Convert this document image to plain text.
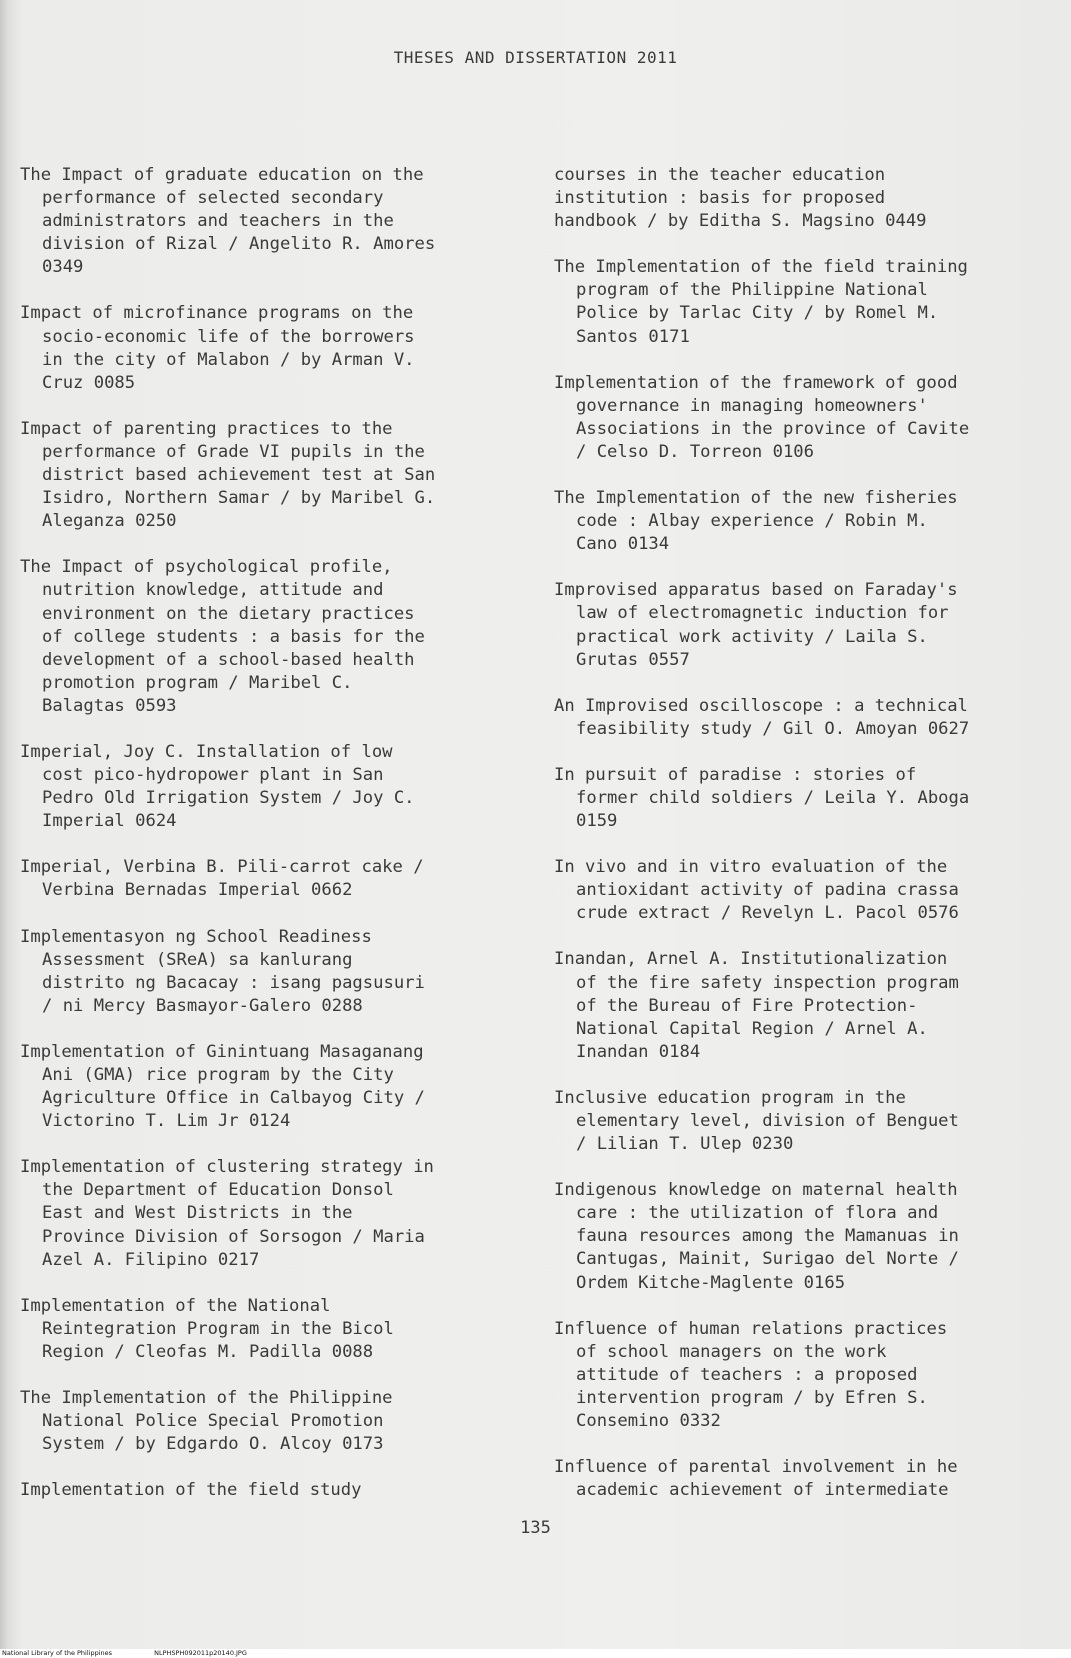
THESES AND DISSERTATION 2011

The Impact of graduate education on the
performance of selected secondary
administrators and teachers in the
division of Rizal / Angelito R. Amores
0349

Impact of microfinance programs on the
socio-economic life of the borrowers
in the city of Malabon / by Arman V.
Cruz 0085

Impact of parenting practices to the
performance of Grade VI pupils in the
district based achievement test at San
Isidro, Northern Samar / by Maribel G.
Aleganza 0250

The Impact of psychological profile,
nutrition knowledge, attitude and
environment on the dietary practices
of college students : a basis for the
development of a school-based health
promotion program / Maribel C.
Balagtas 0593

Imperial, Joy C. Installation of low
cost pico-hydropower plant in San
Pedro Old Irrigation System / Joy C.
Imperial 0624

Imperial, Verbina B. Pili-carrot cake /
Verbina Bernadas Imperial 0662

Implementasyon ng School Readiness
Assessment (SReA) sa kanlurang
distrito ng Bacacay : isang pagsusuri
/ ni Mercy Basmayor-Galero 0288

Implementation of Ginintuang Masaganang
Ani (GMA) rice program by the City
Agriculture Office in Calbayog City /
Victorino T. Lim Jr 0124

Implementation of clustering strategy in
the Department of Education Donsol
East and West Districts in the
Province Division of Sorsogon / Maria
Azel A. Filipino 0217

Implementation of the National
Reintegration Program in the Bicol
Region / Cleofas M. Padilla 0088

The Implementation of the Philippine
National Police Special Promotion
System / by Edgardo O. Alcoy 0173

Implementation of the field study

courses in the teacher education
institution : basis for proposed
handbook / by Editha S. Magsino 0449

The Implementation of the field training
program of the Philippine National
Police by Tarlac City / by Romel M.
Santos 0171

Implementation of the framework of good
governance in managing homeowners'
Associations in the province of Cavite
/ Celso D. Torreon 0106

The Implementation of the new fisheries
code : Albay experience / Robin M.
Cano 0134

Improvised apparatus based on Faraday's
law of electromagnetic induction for
practical work activity / Laila S.
Grutas 0557

An Improvised oscilloscope : a technical
feasibility study / Gil O. Amoyan 0627

In pursuit of paradise : stories of
former child soldiers / Leila Y. Aboga
0159

In vivo and in vitro evaluation of the
antioxidant activity of padina crassa
crude extract / Revelyn L. Pacol 0576

Inandan, Arnel A. Institutionalization
of the fire safety inspection program
of the Bureau of Fire Protection-
National Capital Region / Arnel A.
Inandan 0184

Inclusive education program in the
elementary level, division of Benguet
/ Lilian T. Ulep 0230

Indigenous knowledge on maternal health
care : the utilization of flora and
fauna resources among the Mamanuas in
Cantugas, Mainit, Surigao del Norte /
Ordem Kitche-Maglente 0165

Influence of human relations practices
of school managers on the work
attitude of teachers : a proposed
intervention program / by Efren S.
Consemino 0332

Influence of parental involvement in he
academic achievement of intermediate

135
National Library of the Philippines	NLPHSPH092011p20140.JPG
